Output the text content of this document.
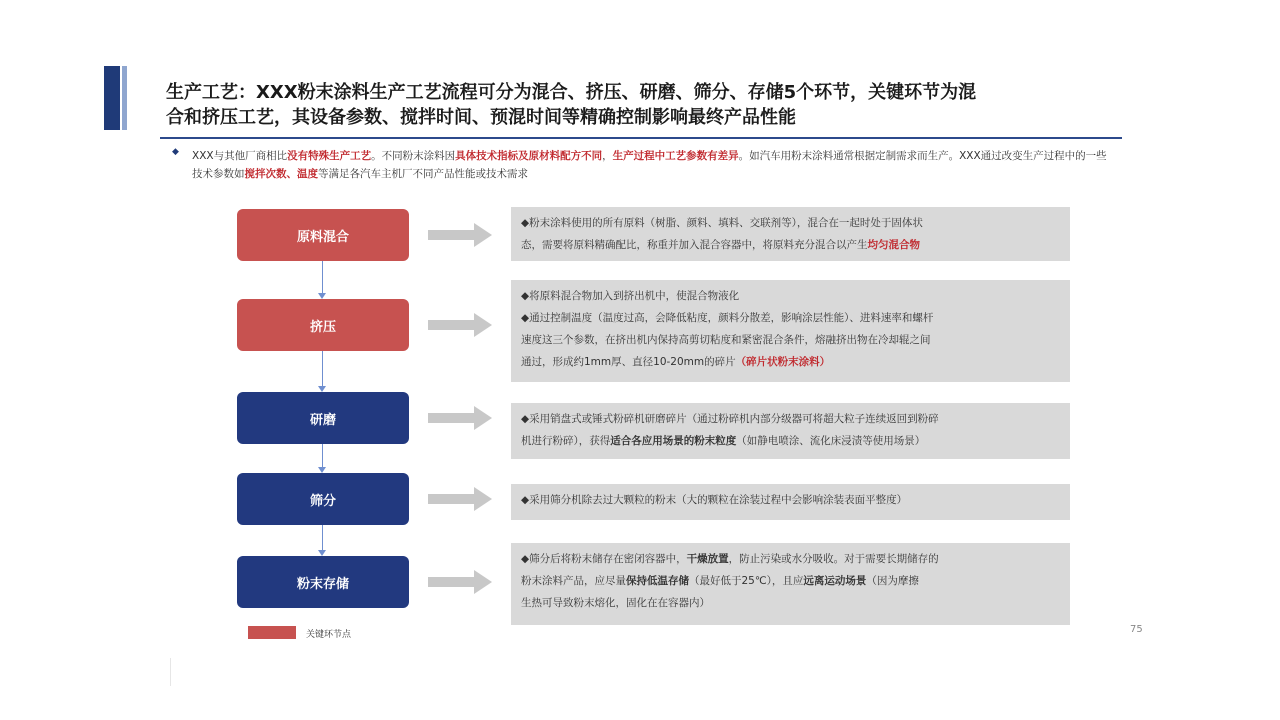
生产工艺：XXX粉末涂料生产工艺流程可分为混合、挤压、研磨、筛分、存储5个环节，关键环节为混
合和挤压工艺，其设备参数、搅拌时间、预混时间等精确控制影响最终产品性能
◆ XXX与其他厂商相比没有特殊生产工艺。不同粉末涂料因具体技术指标及原材料配方不同，生产过程中工艺参数有差异。如汽车用粉末涂料通常根据定制需求而生产。XXX通过改变生产过程中的一些技术参数如搅拌次数、温度等满足各汽车主机厂不同产品性能或技术需求
原料混合
挤压
研磨
筛分
粉末存储
◆粉末涂料使用的所有原料（树脂、颜料、填料、交联剂等），混合在一起时处于固体状
态，需要将原料精确配比，称重并加入混合容器中，将原料充分混合以产生均匀混合物
◆将原料混合物加入到挤出机中，使混合物液化
◆通过控制温度（温度过高，会降低粘度，颜料分散差，影响涂层性能）、进料速率和螺杆
速度这三个参数，在挤出机内保持高剪切粘度和紧密混合条件，熔融挤出物在冷却辊之间
通过，形成约1mm厚、直径10-20mm的碎片（碎片状粉末涂料）
◆采用销盘式或锤式粉碎机研磨碎片（通过粉碎机内部分级器可将超大粒子连续返回到粉碎
机进行粉碎），获得适合各应用场景的粉末粒度（如静电喷涂、流化床浸渍等使用场景）
◆采用筛分机除去过大颗粒的粉末（大的颗粒在涂装过程中会影响涂装表面平整度）
◆筛分后将粉末储存在密闭容器中，干燥放置，防止污染或水分吸收。对于需要长期储存的
粉末涂料产品，应尽量保持低温存储（最好低于25℃），且应远离运动场景（因为摩擦
生热可导致粉末熔化，固化在在容器内）
关键环节点	75
